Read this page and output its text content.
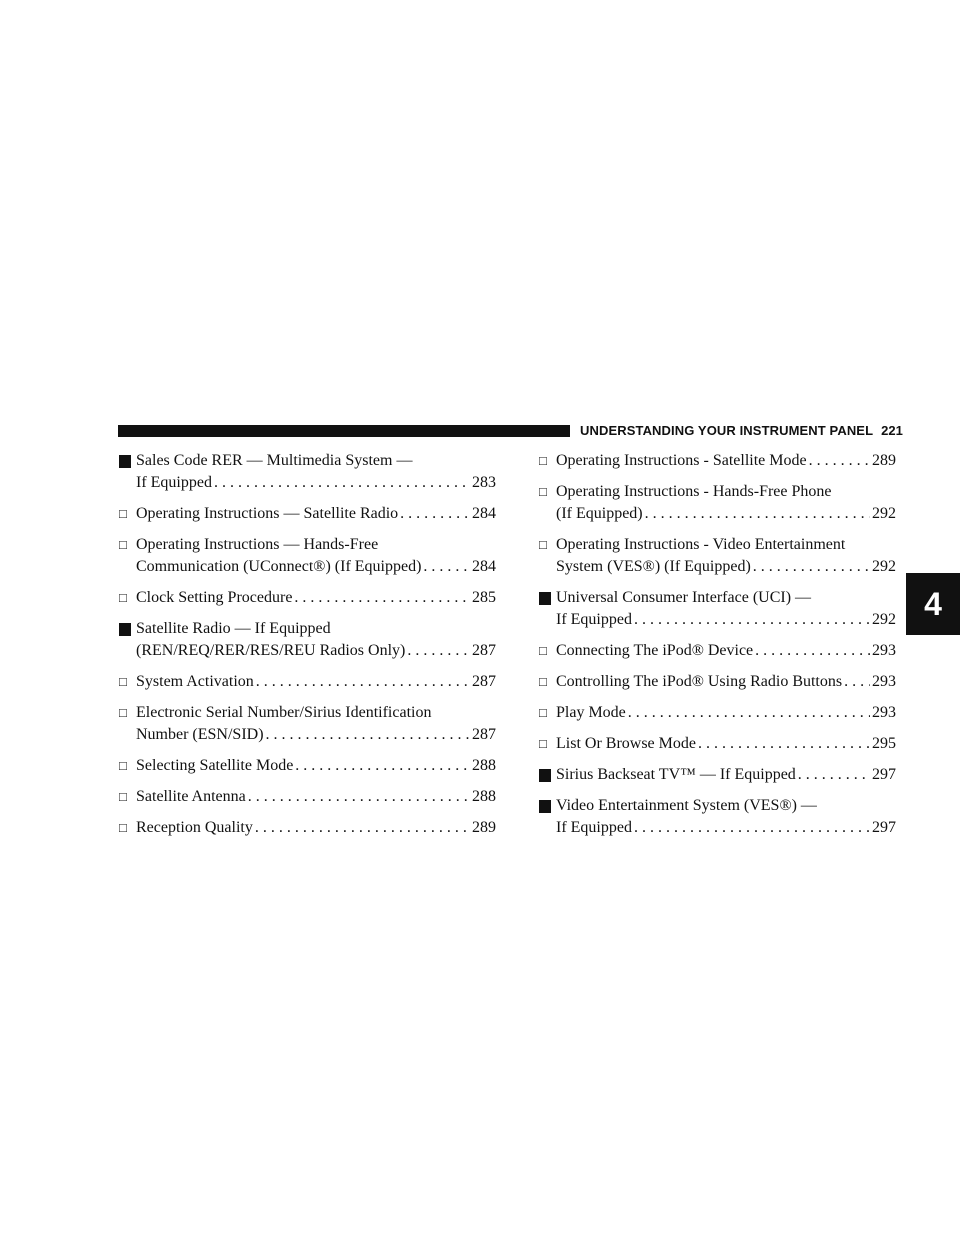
UNDERSTANDING YOUR INSTRUMENT PANEL 221
4
Sales Code RER — Multimedia System —
If Equipped . . .	283
□ Operating Instructions — Satellite Radio . . .	284
□ Operating Instructions — Hands-Free
Communication (UConnect®) (If Equipped) . . .	284
□ Clock Setting Procedure . . .	285
Satellite Radio — If Equipped
(REN/REQ/RER/RES/REU Radios Only) . . .	287
□ System Activation . . .	287
□ Electronic Serial Number/Sirius Identification
Number (ESN/SID) . . .	287
□ Selecting Satellite Mode . . .	288
□ Satellite Antenna . . .	288
□ Reception Quality . . .	289
□ Operating Instructions - Satellite Mode . . .	289
□ Operating Instructions - Hands-Free Phone
(If Equipped) . . .	292
□ Operating Instructions - Video Entertainment
System (VES®) (If Equipped) . . .	292
Universal Consumer Interface (UCI) —
If Equipped . . .	292
□ Connecting The iPod® Device . . .	293
□ Controlling The iPod® Using Radio Buttons . . . 293
□ Play Mode . . .	293
□ List Or Browse Mode . . .	295
Sirius Backseat TV™ — If Equipped . . .	297
Video Entertainment System (VES®) —
If Equipped . . .	297
